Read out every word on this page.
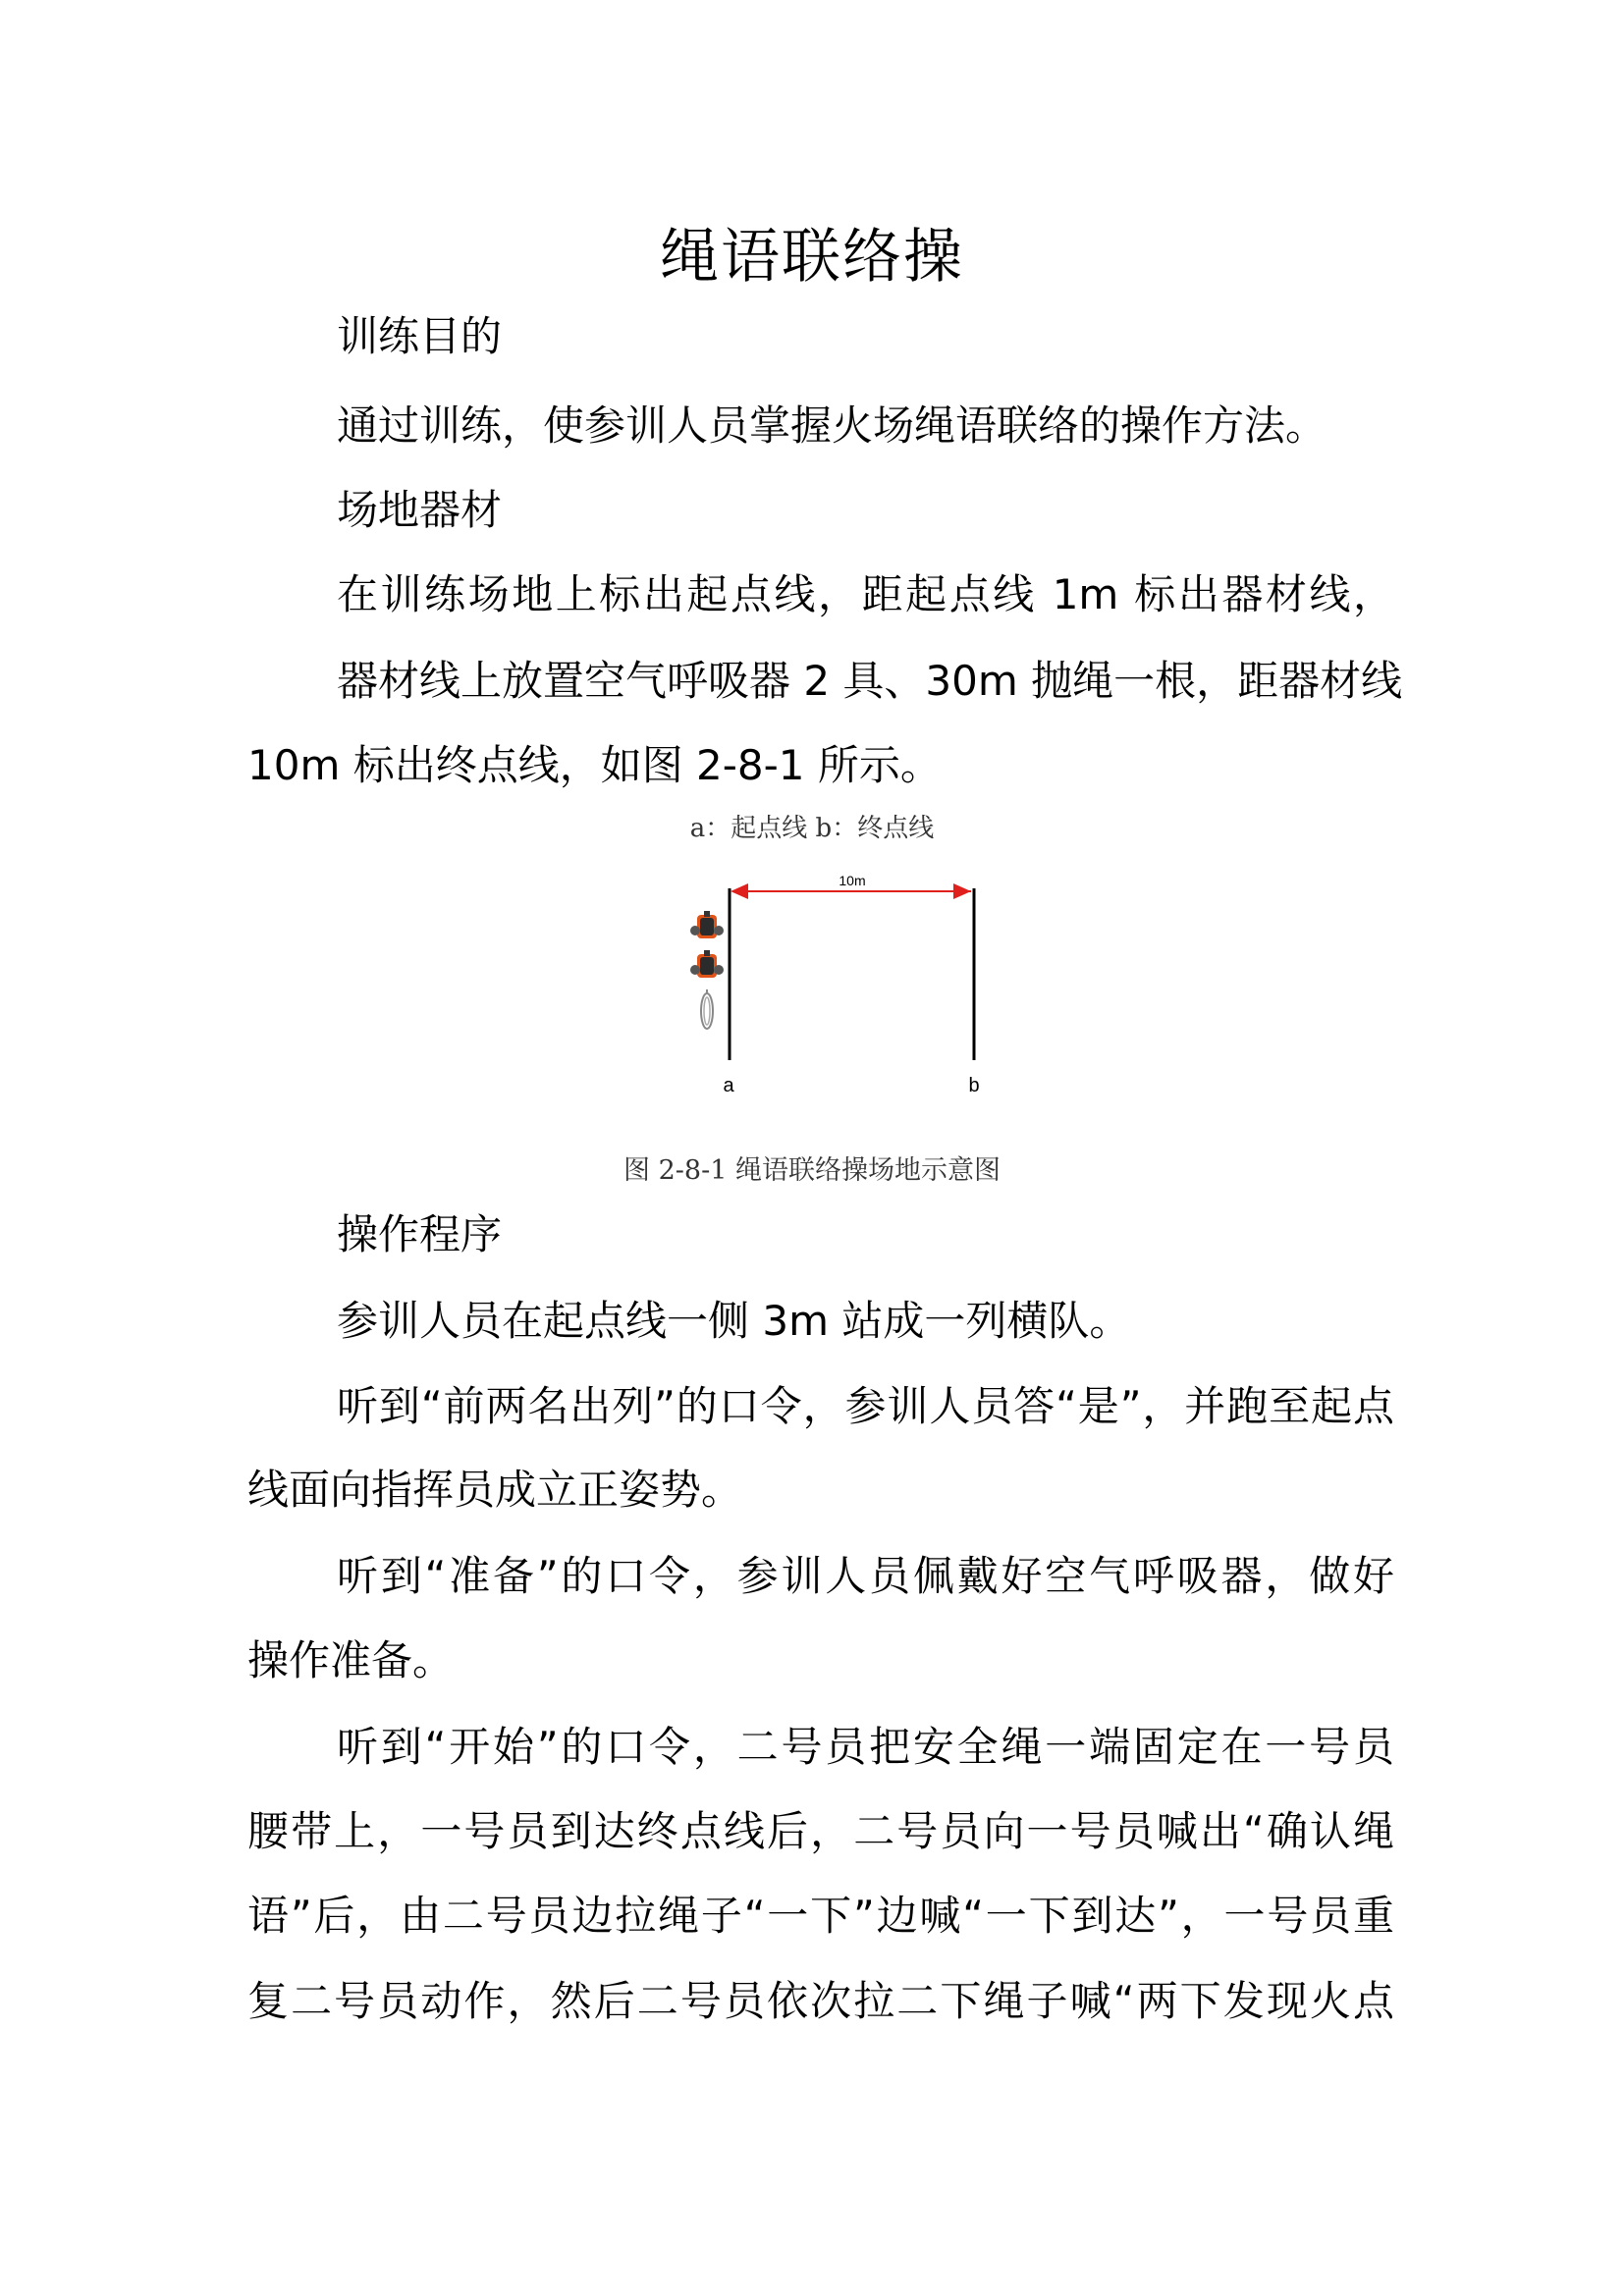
绳语联络操
训练目的
通过训练，使参训人员掌握火场绳语联络的操作方法。
场地器材
在训练场地上标出起点线，距起点线 1m 标出器材线，
器材线上放置空气呼吸器 2 具、30m 抛绳一根，距器材线
10m 标出终点线，如图 2-8-1 所示。
a：起点线 b：终点线
10m
a	b
图 2-8-1 绳语联络操场地示意图
操作程序
参训人员在起点线一侧 3m 站成一列横队。
听到“前两名出列”的口令，参训人员答“是”，并跑至起点
线面向指挥员成立正姿势。
听到“准备”的口令，参训人员佩戴好空气呼吸器，做好
操作准备。
听到“开始”的口令，二号员把安全绳一端固定在一号员
腰带上，一号员到达终点线后，二号员向一号员喊出“确认绳
语”后，由二号员边拉绳子“一下”边喊“一下到达”，一号员重
复二号员动作，然后二号员依次拉二下绳子喊“两下发现火点
